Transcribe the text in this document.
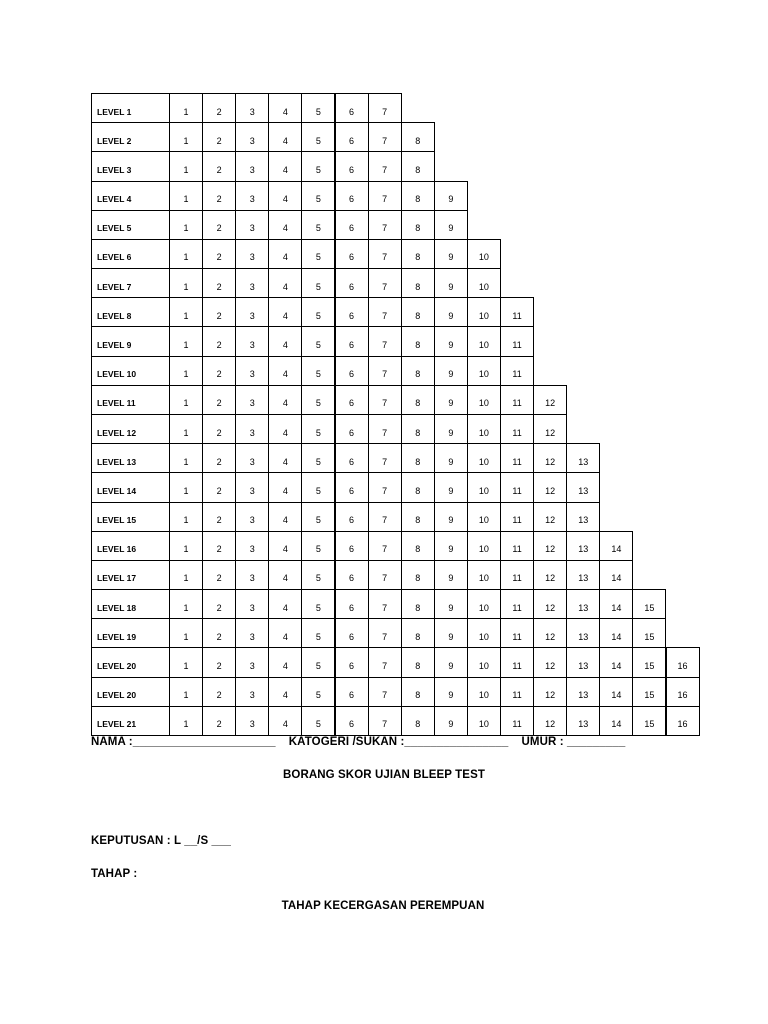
LEVEL 1	1	2	3	4	5	6	7
LEVEL 2	1	2	3	4	5	6	7	8
LEVEL 3	1	2	3	4	5	6	7	8
LEVEL 4	1	2	3	4	5	6	7	8	9
LEVEL 5	1	2	3	4	5	6	7	8	9
LEVEL 6	1	2	3	4	5	6	7	8	9	10
LEVEL 7	1	2	3	4	5	6	7	8	9	10
LEVEL 8	1	2	3	4	5	6	7	8	9	10	11
LEVEL 9	1	2	3	4	5	6	7	8	9	10	11
LEVEL 10	1	2	3	4	5	6	7	8	9	10	11
LEVEL 11	1	2	3	4	5	6	7	8	9	10	11	12
LEVEL 12	1	2	3	4	5	6	7	8	9	10	11	12
LEVEL 13	1	2	3	4	5	6	7	8	9	10	11	12	13
LEVEL 14	1	2	3	4	5	6	7	8	9	10	11	12	13
LEVEL 15	1	2	3	4	5	6	7	8	9	10	11	12	13
LEVEL 16	1	2	3	4	5	6	7	8	9	10	11	12	13	14
LEVEL 17	1	2	3	4	5	6	7	8	9	10	11	12	13	14
LEVEL 18	1	2	3	4	5	6	7	8	9	10	11	12	13	14	15
LEVEL 19	1	2	3	4	5	6	7	8	9	10	11	12	13	14	15
LEVEL 20	1	2	3	4	5	6	7	8	9	10	11	12	13	14	15	16
LEVEL 20	1	2	3	4	5	6	7	8	9	10	11	12	13	14	15	16
LEVEL 21	1	2	3	4	5	6	7	8	9	10	11	12	13	14	15	16
NAMA :______________________    KATOGERI /SUKAN :________________    UMUR : _________
BORANG SKOR UJIAN BLEEP TEST
KEPUTUSAN : L __/S ___
TAHAP :
TAHAP KECERGASAN PEREMPUAN
